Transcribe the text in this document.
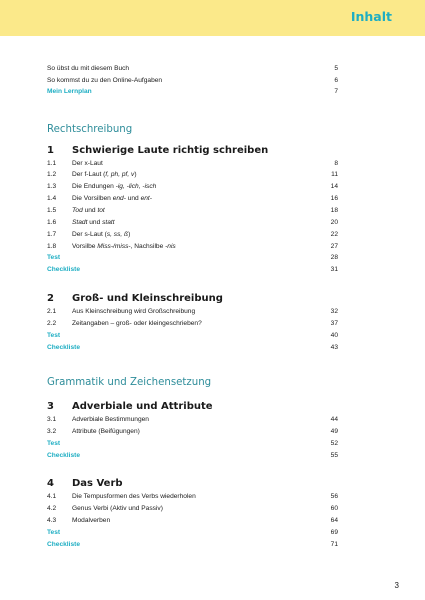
Inhalt
So übst du mit diesem Buch	5
So kommst du zu den Online-Aufgaben	6
Mein Lernplan	7
Rechtschreibung
1 Schwierige Laute richtig schreiben
1.1 Der x-Laut	8
1.2 Der f-Laut (f, ph, pf, v)	11
1.3 Die Endungen -ig, -lich, -isch	14
1.4 Die Vorsilben end- und ent-	16
1.5 Tod und tot	18
1.6 Stadt und statt	20
1.7 Der s-Laut (s, ss, ß)	22
1.8 Vorsilbe Miss-/miss-, Nachsilbe -nis	27
Test	28
Checkliste	31
2 Groß- und Kleinschreibung
2.1 Aus Kleinschreibung wird Großschreibung	32
2.2 Zeitangaben – groß- oder kleingeschrieben?	37
Test	40
Checkliste	43
Grammatik und Zeichensetzung
3 Adverbiale und Attribute
3.1 Adverbiale Bestimmungen	44
3.2 Attribute (Beifügungen)	49
Test	52
Checkliste	55
4 Das Verb
4.1 Die Tempusformen des Verbs wiederholen	56
4.2 Genus Verbi (Aktiv und Passiv)	60
4.3 Modalverben	64
Test	69
Checkliste	71
3
